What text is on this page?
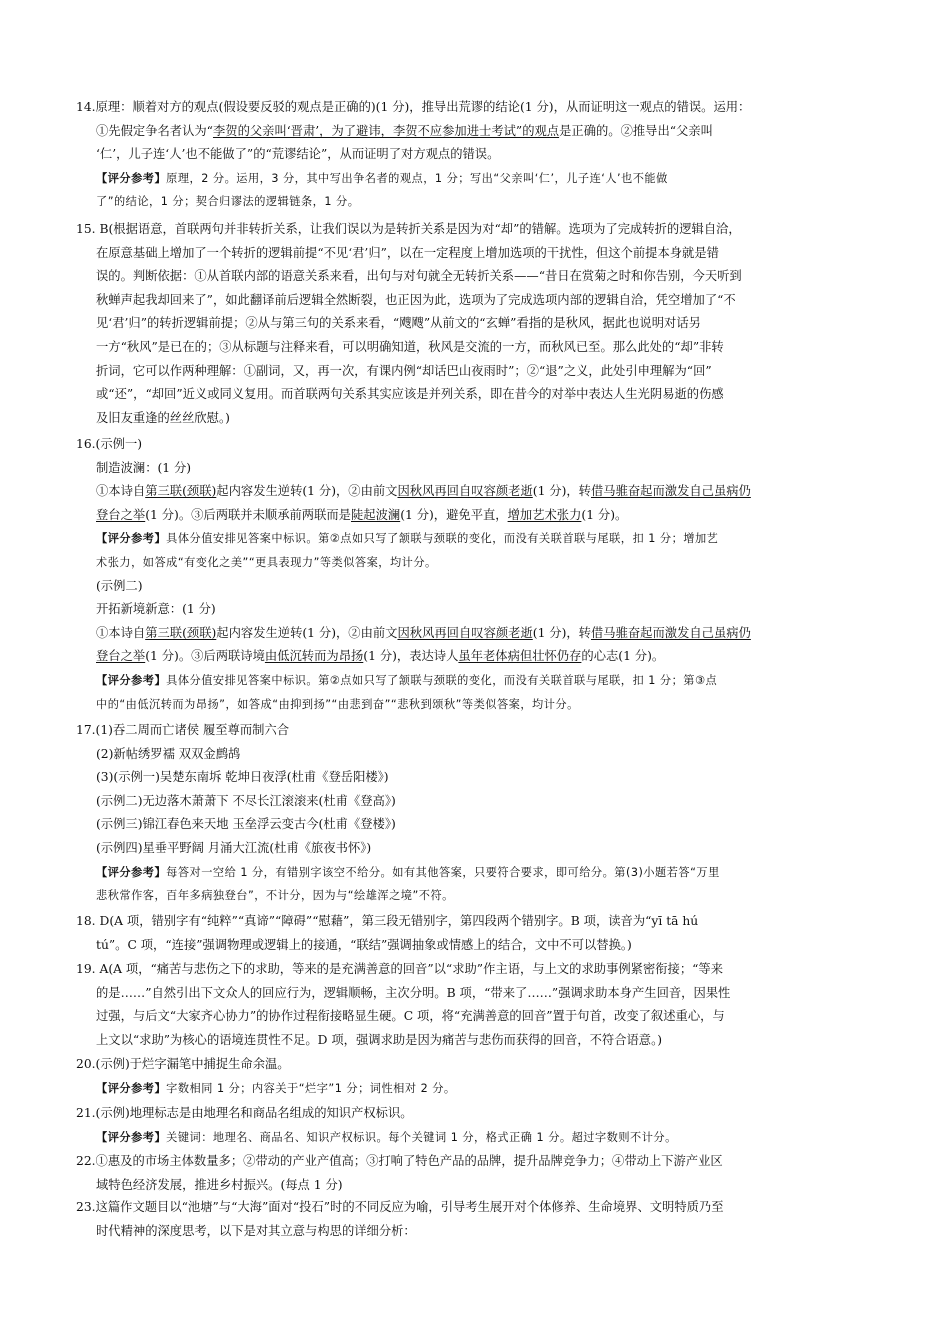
14.原理：顺着对方的观点(假设要反驳的观点是正确的)(1 分)，推导出荒谬的结论(1 分)，从而证明这一观点的错误。运用：
①先假定争名者认为“李贺的父亲叫‘晋肃’，为了避讳，李贺不应参加进士考试”的观点是正确的。②推导出“父亲叫
‘仁’，儿子连‘人’也不能做了”的“荒谬结论”，从而证明了对方观点的错误。
【评分参考】原理，2 分。运用，3 分，其中写出争名者的观点，1 分；写出“父亲叫‘仁’，儿子连‘人’也不能做
了”的结论，1 分；契合归谬法的逻辑链条，1 分。
15. B(根据语意，首联两句并非转折关系，让我们误以为是转折关系是因为对“却”的错解。选项为了完成转折的逻辑自洽，
在原意基础上增加了一个转折的逻辑前提“不见‘君’归”，以在一定程度上增加选项的干扰性，但这个前提本身就是错
误的。判断依据：①从首联内部的语意关系来看，出句与对句就全无转折关系——“昔日在赏菊之时和你告别，今天听到
秋蝉声起我却回来了”，如此翻译前后逻辑全然断裂，也正因为此，选项为了完成选项内部的逻辑自洽，凭空增加了“不
见‘君’归”的转折逻辑前提；②从与第三句的关系来看，“飕飕”从前文的“玄蝉”看指的是秋风，据此也说明对话另
一方“秋风”是已在的；③从标题与注释来看，可以明确知道，秋风是交流的一方，而秋风已至。那么此处的“却”非转
折词，它可以作两种理解：①副词，又，再一次，有课内例“却话巴山夜雨时”；②“退”之义，此处引申理解为“回”
或“还”，“却回”近义或同义复用。而首联两句关系其实应该是并列关系，即在昔今的对举中表达人生光阴易逝的伤感
及旧友重逢的丝丝欣慰。)
16.(示例一)
制造波澜：(1 分)
①本诗自第三联(颈联)起内容发生逆转(1 分)，②由前文因秋风再回自叹容颜老逝(1 分)，转借马骓奋起而激发自己虽病仍
登台之举(1 分)。③后两联并未顺承前两联而是陡起波澜(1 分)，避免平直，增加艺术张力(1 分)。
【评分参考】具体分值安排见答案中标识。第②点如只写了颔联与颈联的变化，而没有关联首联与尾联，扣 1 分；增加艺
术张力，如答成“有变化之美”“更具表现力”等类似答案，均计分。
(示例二)
开拓新境新意：(1 分)
①本诗自第三联(颈联)起内容发生逆转(1 分)，②由前文因秋风再回自叹容颜老逝(1 分)，转借马骓奋起而激发自己虽病仍
登台之举(1 分)。③后两联诗境由低沉转而为昂扬(1 分)，表达诗人虽年老体病但壮怀仍存的心志(1 分)。
【评分参考】具体分值安排见答案中标识。第②点如只写了颔联与颈联的变化，而没有关联首联与尾联，扣 1 分；第③点
中的“由低沉转而为昂扬”，如答成“由抑到扬”“由悲到奋”“悲秋到颂秋”等类似答案，均计分。
17.(1)吞二周而亡诸侯 履至尊而制六合
(2)新帖绣罗襦 双双金鹧鸪
(3)(示例一)吴楚东南坼 乾坤日夜浮(杜甫《登岳阳楼》)
(示例二)无边落木萧萧下 不尽长江滚滚来(杜甫《登高》)
(示例三)锦江春色来天地 玉垒浮云变古今(杜甫《登楼》)
(示例四)星垂平野阔 月涌大江流(杜甫《旅夜书怀》)
【评分参考】每答对一空给 1 分，有错别字该空不给分。如有其他答案，只要符合要求，即可给分。第(3)小题若答“万里
悲秋常作客，百年多病独登台”，不计分，因为与“绘雄浑之境”不符。
18. D(A 项，错别字有“纯粹”“真谛”“障碍”“慰藉”，第三段无错别字，第四段两个错别字。B 项，读音为“yī tā hú
tú”。C 项，“连接”强调物理或逻辑上的接通，“联结”强调抽象或情感上的结合，文中不可以替换。)
19. A(A 项，“痛苦与悲伤之下的求助，等来的是充满善意的回音”以“求助”作主语，与上文的求助事例紧密衔接；“等来
的是……”自然引出下文众人的回应行为，逻辑顺畅，主次分明。B 项，“带来了……”强调求助本身产生回音，因果性
过强，与后文“大家齐心协力”的协作过程衔接略显生硬。C 项，将“充满善意的回音”置于句首，改变了叙述重心，与
上文以“求助”为核心的语境连贯性不足。D 项，强调求助是因为痛苦与悲伤而获得的回音，不符合语意。)
20.(示例)于烂字漏笔中捕捉生命余温。
【评分参考】字数相同 1 分；内容关于“烂字”1 分；词性相对 2 分。
21.(示例)地理标志是由地理名和商品名组成的知识产权标识。
【评分参考】关键词：地理名、商品名、知识产权标识。每个关键词 1 分，格式正确 1 分。超过字数则不计分。
22.①惠及的市场主体数量多；②带动的产业产值高；③打响了特色产品的品牌，提升品牌竞争力；④带动上下游产业区
域特色经济发展，推进乡村振兴。(每点 1 分)
23.这篇作文题目以“池塘”与“大海”面对“投石”时的不同反应为喻，引导考生展开对个体修养、生命境界、文明特质乃至
时代精神的深度思考，以下是对其立意与构思的详细分析：
